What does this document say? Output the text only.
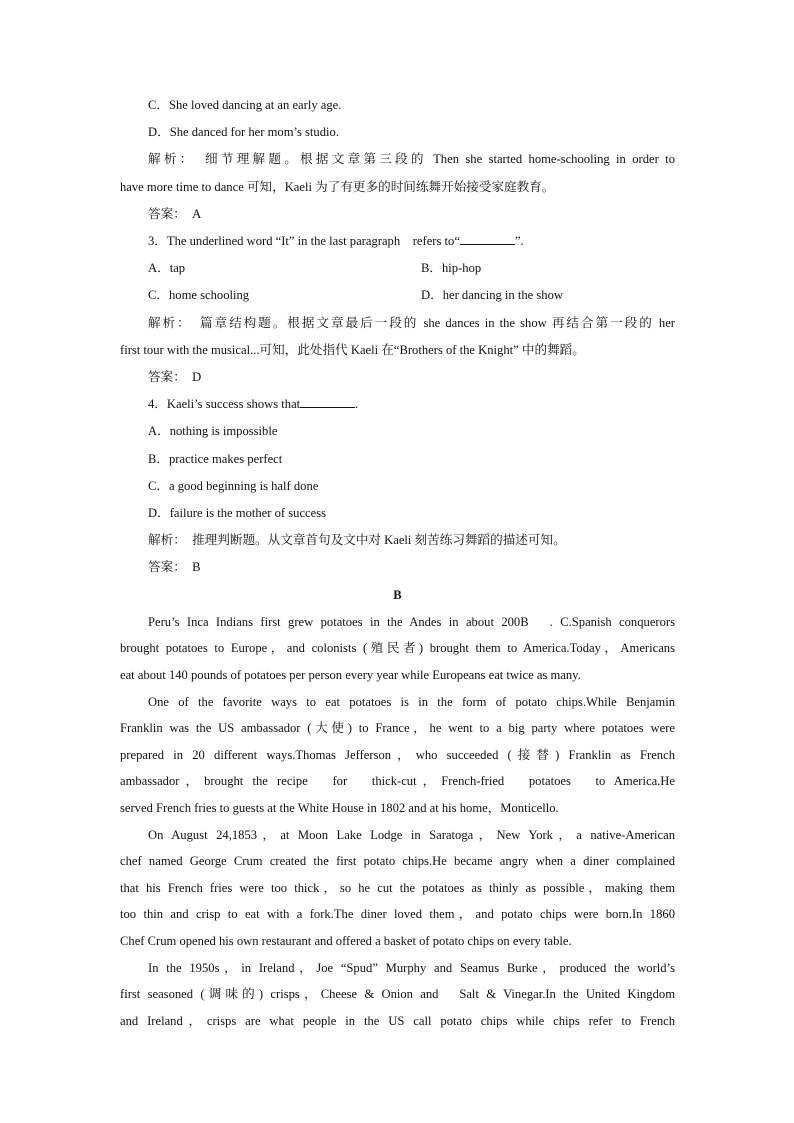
C．She loved dancing at an early age.
D．She danced for her mom’s studio.
解析：　细节理解题。根据文章第三段的 Then she started home-schooling in order to
have more time to dance 可知，Kaeli 为了有更多的时间练舞开始接受家庭教育。
答案：　A
3．The underlined word “It” in the last paragraph　refers to“	”.
A．tap	B．hip-hop
C．home schooling	D．her dancing in the show
解析：　篇章结构题。根据文章最后一段的 she dances in the show 再结合第一段的 her
first tour with the musical...可知，此处指代 Kaeli 在“Brothers of the Knight” 中的舞蹈。
答案：　D
4．Kaeli’s success shows that	.
A．nothing is impossible
B．practice makes perfect
C．a good beginning is half done
D．failure is the mother of success
解析：　推理判断题。从文章首句及文中对 Kaeli 刻苦练习舞蹈的描述可知。
答案：　B
B
Peru’s Inca Indians first grew potatoes in the Andes in about 200B　. C.Spanish conquerors
brought potatoes to Europe，and colonists (殖民者) brought them to America.Today，Americans
eat about 140 pounds of potatoes per person every year while Europeans eat twice as many.
One of the favorite ways to eat potatoes is in the form of potato chips.While Benjamin
Franklin was the US ambassador (大使) to France，he went to a big party where potatoes were
prepared in 20 different ways.Thomas Jefferson，who succeeded (接替) Franklin as French
ambassador，brought the recipe　for　thick-cut，French-fried　potatoes　to America.He
served French fries to guests at the White House in 1802 and at his home，Monticello.
On August 24,1853，at Moon Lake Lodge in Saratoga，New York，a native-American
chef named George Crum created the first potato chips.He became angry when a diner complained
that his French fries were too thick，so he cut the potatoes as thinly as possible，making them
too thin and crisp to eat with a fork.The diner loved them，and potato chips were born.In 1860
Chef Crum opened his own restaurant and offered a basket of potato chips on every table.
In the 1950s，in Ireland，Joe “Spud” Murphy and Seamus Burke，produced the world’s
first seasoned (调味的) crisps，Cheese & Onion and　Salt & Vinegar.In the United Kingdom
and Ireland，crisps are what people in the US call potato chips while chips refer to French
